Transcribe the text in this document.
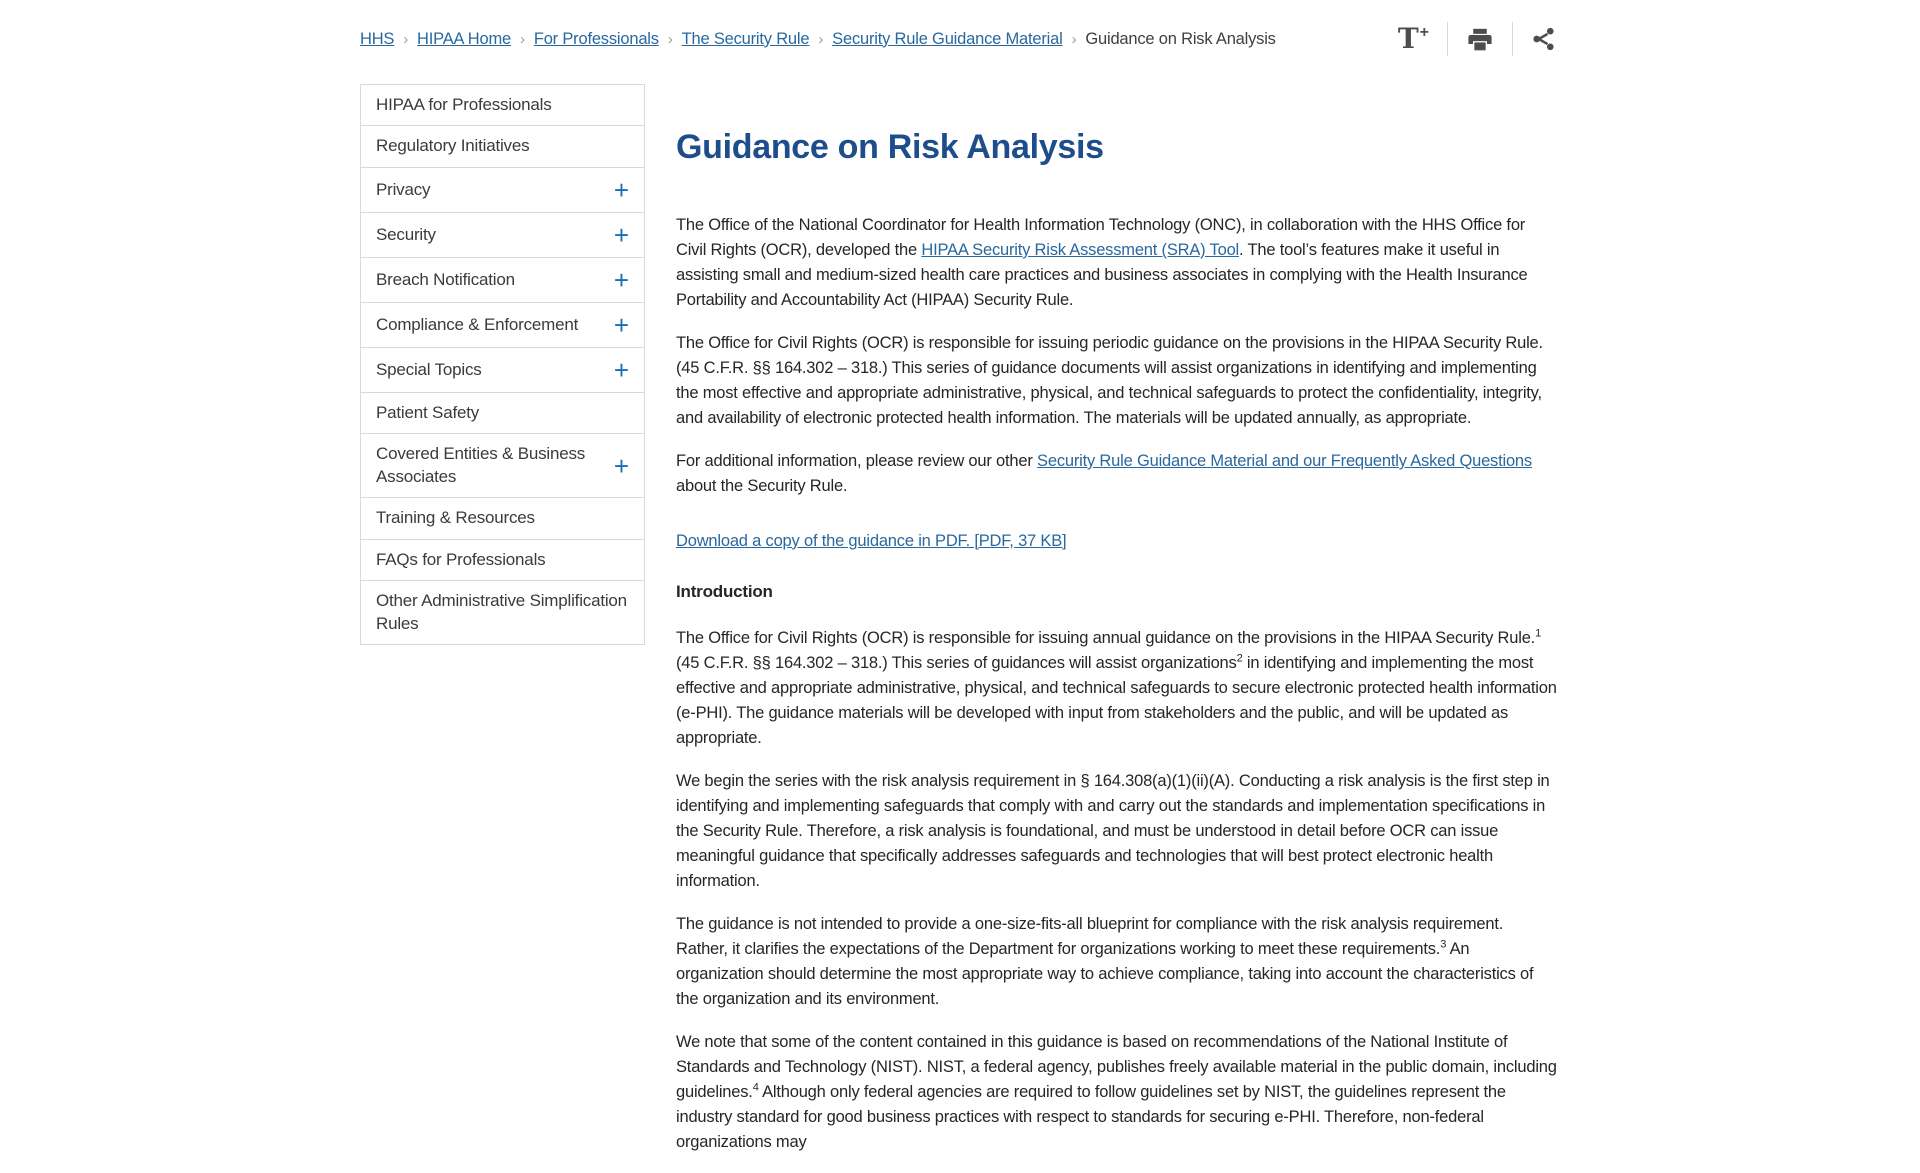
HHS › HIPAA Home › For Professionals › The Security Rule › Security Rule Guidance Material › Guidance on Risk Analysis	T +
HIPAA for Professionals
Regulatory Initiatives
Privacy	+
Security	+
Breach Notification	+
Compliance & Enforcement	+
Special Topics	+
Patient Safety
Covered Entities & Business Associates	+
Training & Resources
FAQs for Professionals
Other Administrative Simplification Rules
Guidance on Risk Analysis

The Office of the National Coordinator for Health Information Technology (ONC), in collaboration with the HHS Office for Civil Rights (OCR), developed the HIPAA Security Risk Assessment (SRA) Tool. The tool’s features make it useful in assisting small and medium-sized health care practices and business associates in complying with the Health Insurance Portability and Accountability Act (HIPAA) Security Rule.

The Office for Civil Rights (OCR) is responsible for issuing periodic guidance on the provisions in the HIPAA Security Rule. (45 C.F.R. §§ 164.302 – 318.) This series of guidance documents will assist organizations in identifying and implementing the most effective and appropriate administrative, physical, and technical safeguards to protect the confidentiality, integrity, and availability of electronic protected health information. The materials will be updated annually, as appropriate.

For additional information, please review our other Security Rule Guidance Material and our Frequently Asked Questions about the Security Rule.

Download a copy of the guidance in PDF. [PDF, 37 KB]

Introduction

The Office for Civil Rights (OCR) is responsible for issuing annual guidance on the provisions in the HIPAA Security Rule.$^1$ (45 C.F.R. §§ 164.302 – 318.) This series of guidances will assist organizations$^2$ in identifying and implementing the most effective and appropriate administrative, physical, and technical safeguards to secure electronic protected health information (e-PHI). The guidance materials will be developed with input from stakeholders and the public, and will be updated as appropriate.

We begin the series with the risk analysis requirement in § 164.308(a)(1)(ii)(A). Conducting a risk analysis is the first step in identifying and implementing safeguards that comply with and carry out the standards and implementation specifications in the Security Rule. Therefore, a risk analysis is foundational, and must be understood in detail before OCR can issue meaningful guidance that specifically addresses safeguards and technologies that will best protect electronic health information.

The guidance is not intended to provide a one-size-fits-all blueprint for compliance with the risk analysis requirement. Rather, it clarifies the expectations of the Department for organizations working to meet these requirements.$^3$ An organization should determine the most appropriate way to achieve compliance, taking into account the characteristics of the organization and its environment.

We note that some of the content contained in this guidance is based on recommendations of the National Institute of Standards and Technology (NIST). NIST, a federal agency, publishes freely available material in the public domain, including guidelines.$^4$ Although only federal agencies are required to follow guidelines set by NIST, the guidelines represent the industry standard for good business practices with respect to standards for securing e-PHI. Therefore, non-federal organizations may
